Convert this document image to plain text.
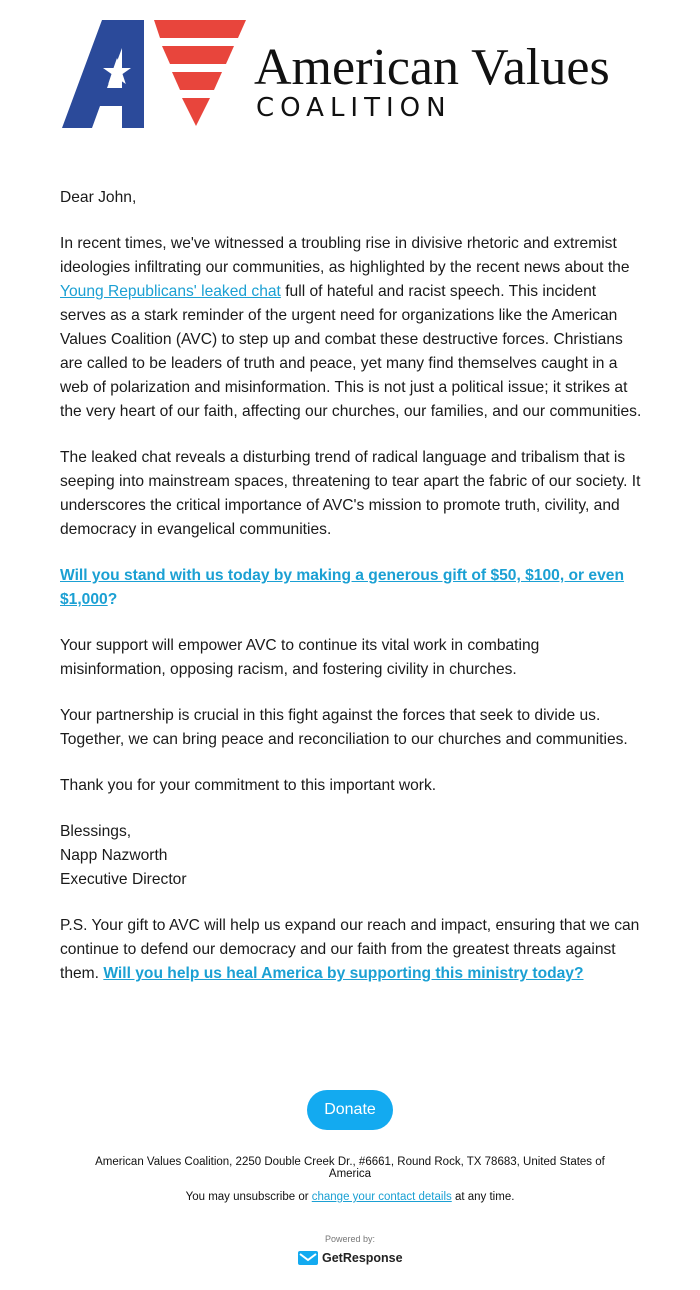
American Values
COALITION

Dear John,

In recent times, we've witnessed a troubling rise in divisive rhetoric and extremist ideologies infiltrating our communities, as highlighted by the recent news about the Young Republicans' leaked chat full of hateful and racist speech. This incident serves as a stark reminder of the urgent need for organizations like the American Values Coalition (AVC) to step up and combat these destructive forces. Christians are called to be leaders of truth and peace, yet many find themselves caught in a web of polarization and misinformation. This is not just a political issue; it strikes at the very heart of our faith, affecting our churches, our families, and our communities.

The leaked chat reveals a disturbing trend of radical language and tribalism that is seeping into mainstream spaces, threatening to tear apart the fabric of our society. It underscores the critical importance of AVC's mission to promote truth, civility, and democracy in evangelical communities.

Will you stand with us today by making a generous gift of $50, $100, or even $1,000?

Your support will empower AVC to continue its vital work in combating misinformation, opposing racism, and fostering civility in churches.

Your partnership is crucial in this fight against the forces that seek to divide us. Together, we can bring peace and reconciliation to our churches and communities.

Thank you for your commitment to this important work.

Blessings,
Napp Nazworth
Executive Director

P.S. Your gift to AVC will help us expand our reach and impact, ensuring that we can continue to defend our democracy and our faith from the greatest threats against them. Will you help us heal America by supporting this ministry today?

Donate
American Values Coalition, 2250 Double Creek Dr., #6661, Round Rock, TX 78683, United States of America
You may unsubscribe or change your contact details at any time.
Powered by:
GetResponse
